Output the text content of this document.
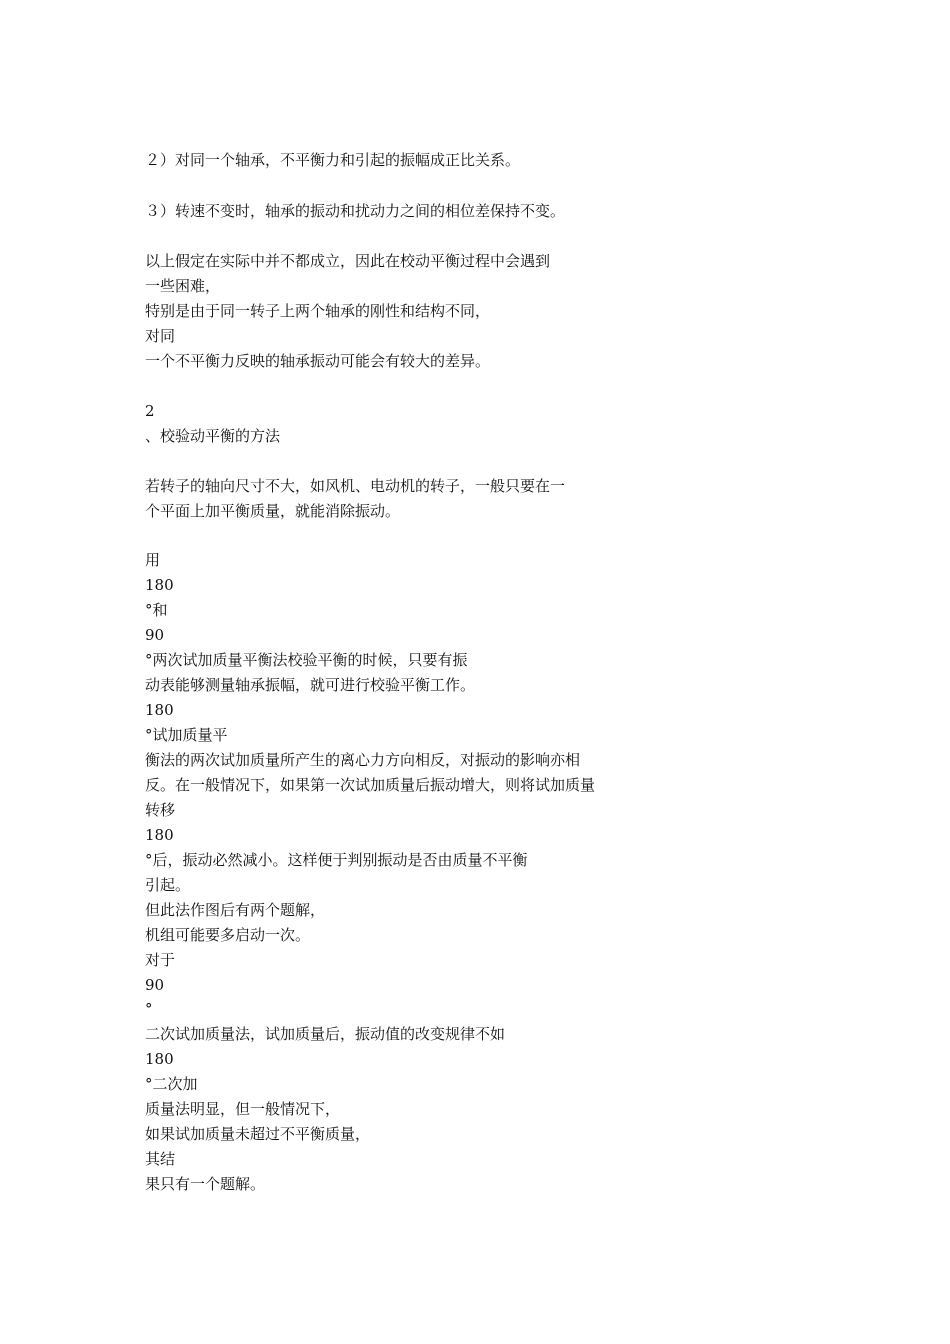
２）对同一个轴承，不平衡力和引起的振幅成正比关系。
３）转速不变时，轴承的振动和扰动力之间的相位差保持不变。
以上假定在实际中并不都成立，因此在校动平衡过程中会遇到
一些困难，
特别是由于同一转子上两个轴承的刚性和结构不同，
对同
一个不平衡力反映的轴承振动可能会有较大的差异。
2
、校验动平衡的方法
若转子的轴向尺寸不大，如风机、电动机的转子，一般只要在一
个平面上加平衡质量，就能消除振动。
用
180
°和
90
°两次试加质量平衡法校验平衡的时候，只要有振
动表能够测量轴承振幅，就可进行校验平衡工作。
180
°试加质量平
衡法的两次试加质量所产生的离心力方向相反，对振动的影响亦相
反。在一般情况下，如果第一次试加质量后振动增大，则将试加质量
转移
180
°后，振动必然减小。这样便于判别振动是否由质量不平衡
引起。
但此法作图后有两个题解，
机组可能要多启动一次。
对于
90
°
二次试加质量法，试加质量后，振动值的改变规律不如
180
°二次加
质量法明显，但一般情况下，
如果试加质量未超过不平衡质量，
其结
果只有一个题解。
